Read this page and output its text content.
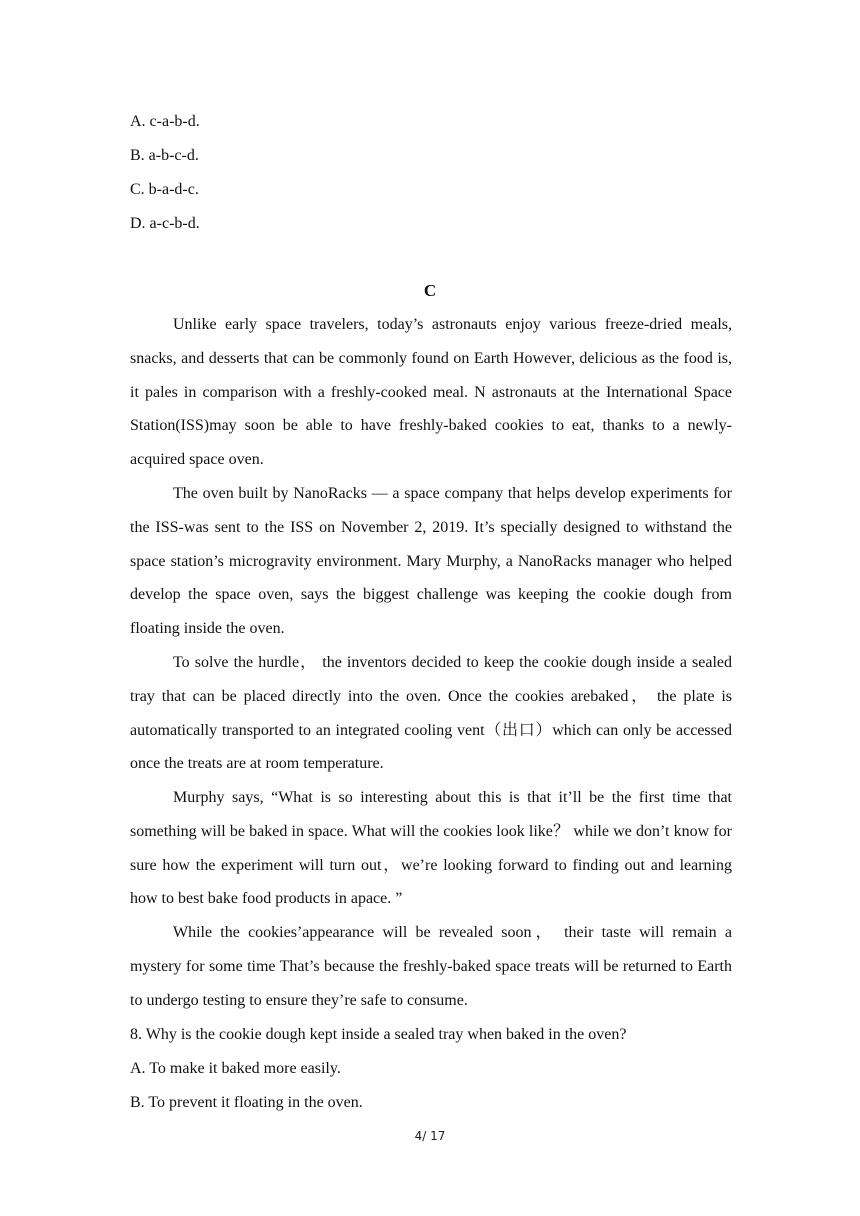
A. c-a-b-d.
B. a-b-c-d.
C. b-a-d-c.
D. a-c-b-d.
C

Unlike early space travelers, today’s astronauts enjoy various freeze-dried meals, snacks, and desserts that can be commonly found on Earth However, delicious as the food is, it pales in comparison with a freshly-cooked meal. N astronauts at the International Space Station(ISS)may soon be able to have freshly-baked cookies to eat, thanks to a newly-acquired space oven.

The oven built by NanoRacks — a space company that helps develop experiments for the ISS-was sent to the ISS on November 2, 2019. It’s specially designed to withstand the space station’s microgravity environment. Mary Murphy, a NanoRacks manager who helped develop the space oven, says the biggest challenge was keeping the cookie dough from floating inside the oven.

To solve the hurdle， the inventors decided to keep the cookie dough inside a sealed tray that can be placed directly into the oven. Once the cookies arebaked， the plate is automatically transported to an integrated cooling vent（出口）which can only be accessed once the treats are at room temperature.

Murphy says, “What is so interesting about this is that it’ll be the first time that something will be baked in space. What will the cookies look like？ while we don’t know for sure how the experiment will turn out，we’re looking forward to finding out and learning how to best bake food products in apace. ”

While the cookies’appearance will be revealed soon， their taste will remain a mystery for some time That’s because the freshly-baked space treats will be returned to Earth to undergo testing to ensure they’re safe to consume.

8. Why is the cookie dough kept inside a sealed tray when baked in the oven?
A. To make it baked more easily.
B. To prevent it floating in the oven.
4/ 17
